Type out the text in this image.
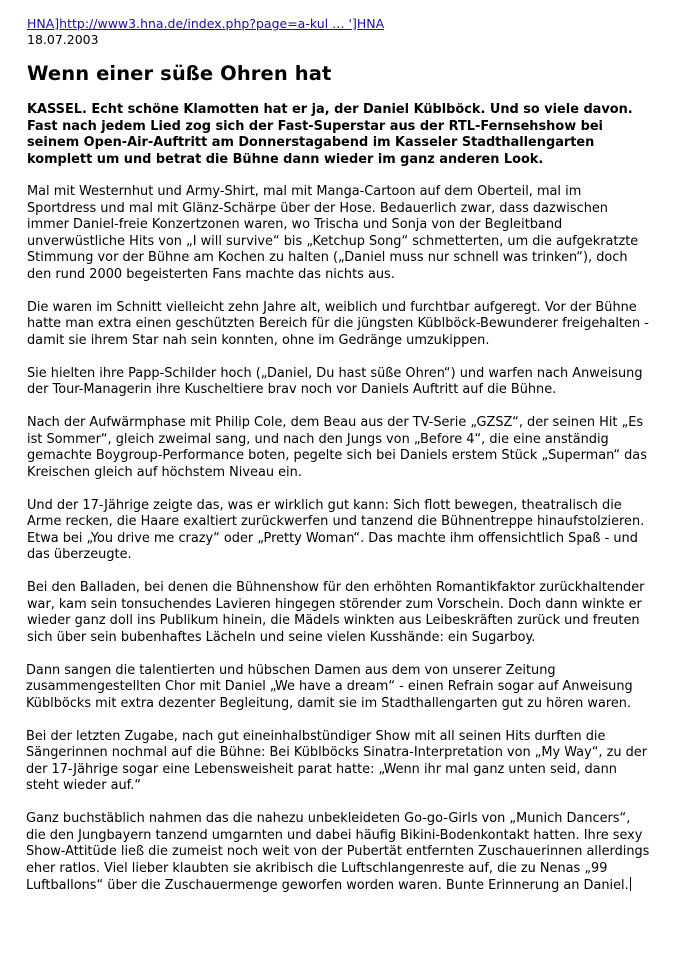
HNA]http://www3.hna.de/index.php?page=a-kul … ']HNA
18.07.2003
Wenn einer süße Ohren hat

KASSEL. Echt schöne Klamotten hat er ja, der Daniel Küblböck. Und so viele davon. Fast nach jedem Lied zog sich der Fast-Superstar aus der RTL-Fernsehshow bei seinem Open-Air-Auftritt am Donnerstagabend im Kasseler Stadthallengarten komplett um und betrat die Bühne dann wieder im ganz anderen Look.

Mal mit Westernhut und Army-Shirt, mal mit Manga-Cartoon auf dem Oberteil, mal im Sportdress und mal mit Glänz-Schärpe über der Hose. Bedauerlich zwar, dass dazwischen immer Daniel-freie Konzertzonen waren, wo Trischa und Sonja von der Begleitband unverwüstliche Hits von „I will survive“ bis „Ketchup Song“ schmetterten, um die aufgekratzte Stimmung vor der Bühne am Kochen zu halten („Daniel muss nur schnell was trinken“), doch den rund 2000 begeisterten Fans machte das nichts aus.

Die waren im Schnitt vielleicht zehn Jahre alt, weiblich und furchtbar aufgeregt. Vor der Bühne hatte man extra einen geschützten Bereich für die jüngsten Küblböck-Bewunderer freigehalten - damit sie ihrem Star nah sein konnten, ohne im Gedränge umzukippen.

Sie hielten ihre Papp-Schilder hoch („Daniel, Du hast süße Ohren“) und warfen nach Anweisung der Tour-Managerin ihre Kuscheltiere brav noch vor Daniels Auftritt auf die Bühne.

Nach der Aufwärmphase mit Philip Cole, dem Beau aus der TV-Serie „GZSZ“, der seinen Hit „Es ist Sommer“, gleich zweimal sang, und nach den Jungs von „Before 4“, die eine anständig gemachte Boygroup-Performance boten, pegelte sich bei Daniels erstem Stück „Superman“ das Kreischen gleich auf höchstem Niveau ein.

Und der 17-Jährige zeigte das, was er wirklich gut kann: Sich flott bewegen, theatralisch die Arme recken, die Haare exaltiert zurückwerfen und tanzend die Bühnentreppe hinaufstolzieren. Etwa bei „You drive me crazy“ oder „Pretty Woman“. Das machte ihm offensichtlich Spaß - und das überzeugte.

Bei den Balladen, bei denen die Bühnenshow für den erhöhten Romantikfaktor zurückhaltender war, kam sein tonsuchendes Lavieren hingegen störender zum Vorschein. Doch dann winkte er wieder ganz doll ins Publikum hinein, die Mädels winkten aus Leibeskräften zurück und freuten sich über sein bubenhaftes Lächeln und seine vielen Kusshände: ein Sugarboy.

Dann sangen die talentierten und hübschen Damen aus dem von unserer Zeitung zusammengestellten Chor mit Daniel „We have a dream“ - einen Refrain sogar auf Anweisung Küblböcks mit extra dezenter Begleitung, damit sie im Stadthallengarten gut zu hören waren.

Bei der letzten Zugabe, nach gut eineinhalbstündiger Show mit all seinen Hits durften die Sängerinnen nochmal auf die Bühne: Bei Küblböcks Sinatra-Interpretation von „My Way“, zu der der 17-Jährige sogar eine Lebensweisheit parat hatte: „Wenn ihr mal ganz unten seid, dann steht wieder auf.“

Ganz buchstäblich nahmen das die nahezu unbekleideten Go-go-Girls von „Munich Dancers“, die den Jungbayern tanzend umgarnten und dabei häufig Bikini-Bodenkontakt hatten. Ihre sexy Show-Attitüde ließ die zumeist noch weit von der Pubertät entfernten Zuschauerinnen allerdings eher ratlos. Viel lieber klaubten sie akribisch die Luftschlangenreste auf, die zu Nenas „99 Luftballons“ über die Zuschauermenge geworfen worden waren. Bunte Erinnerung an Daniel.
